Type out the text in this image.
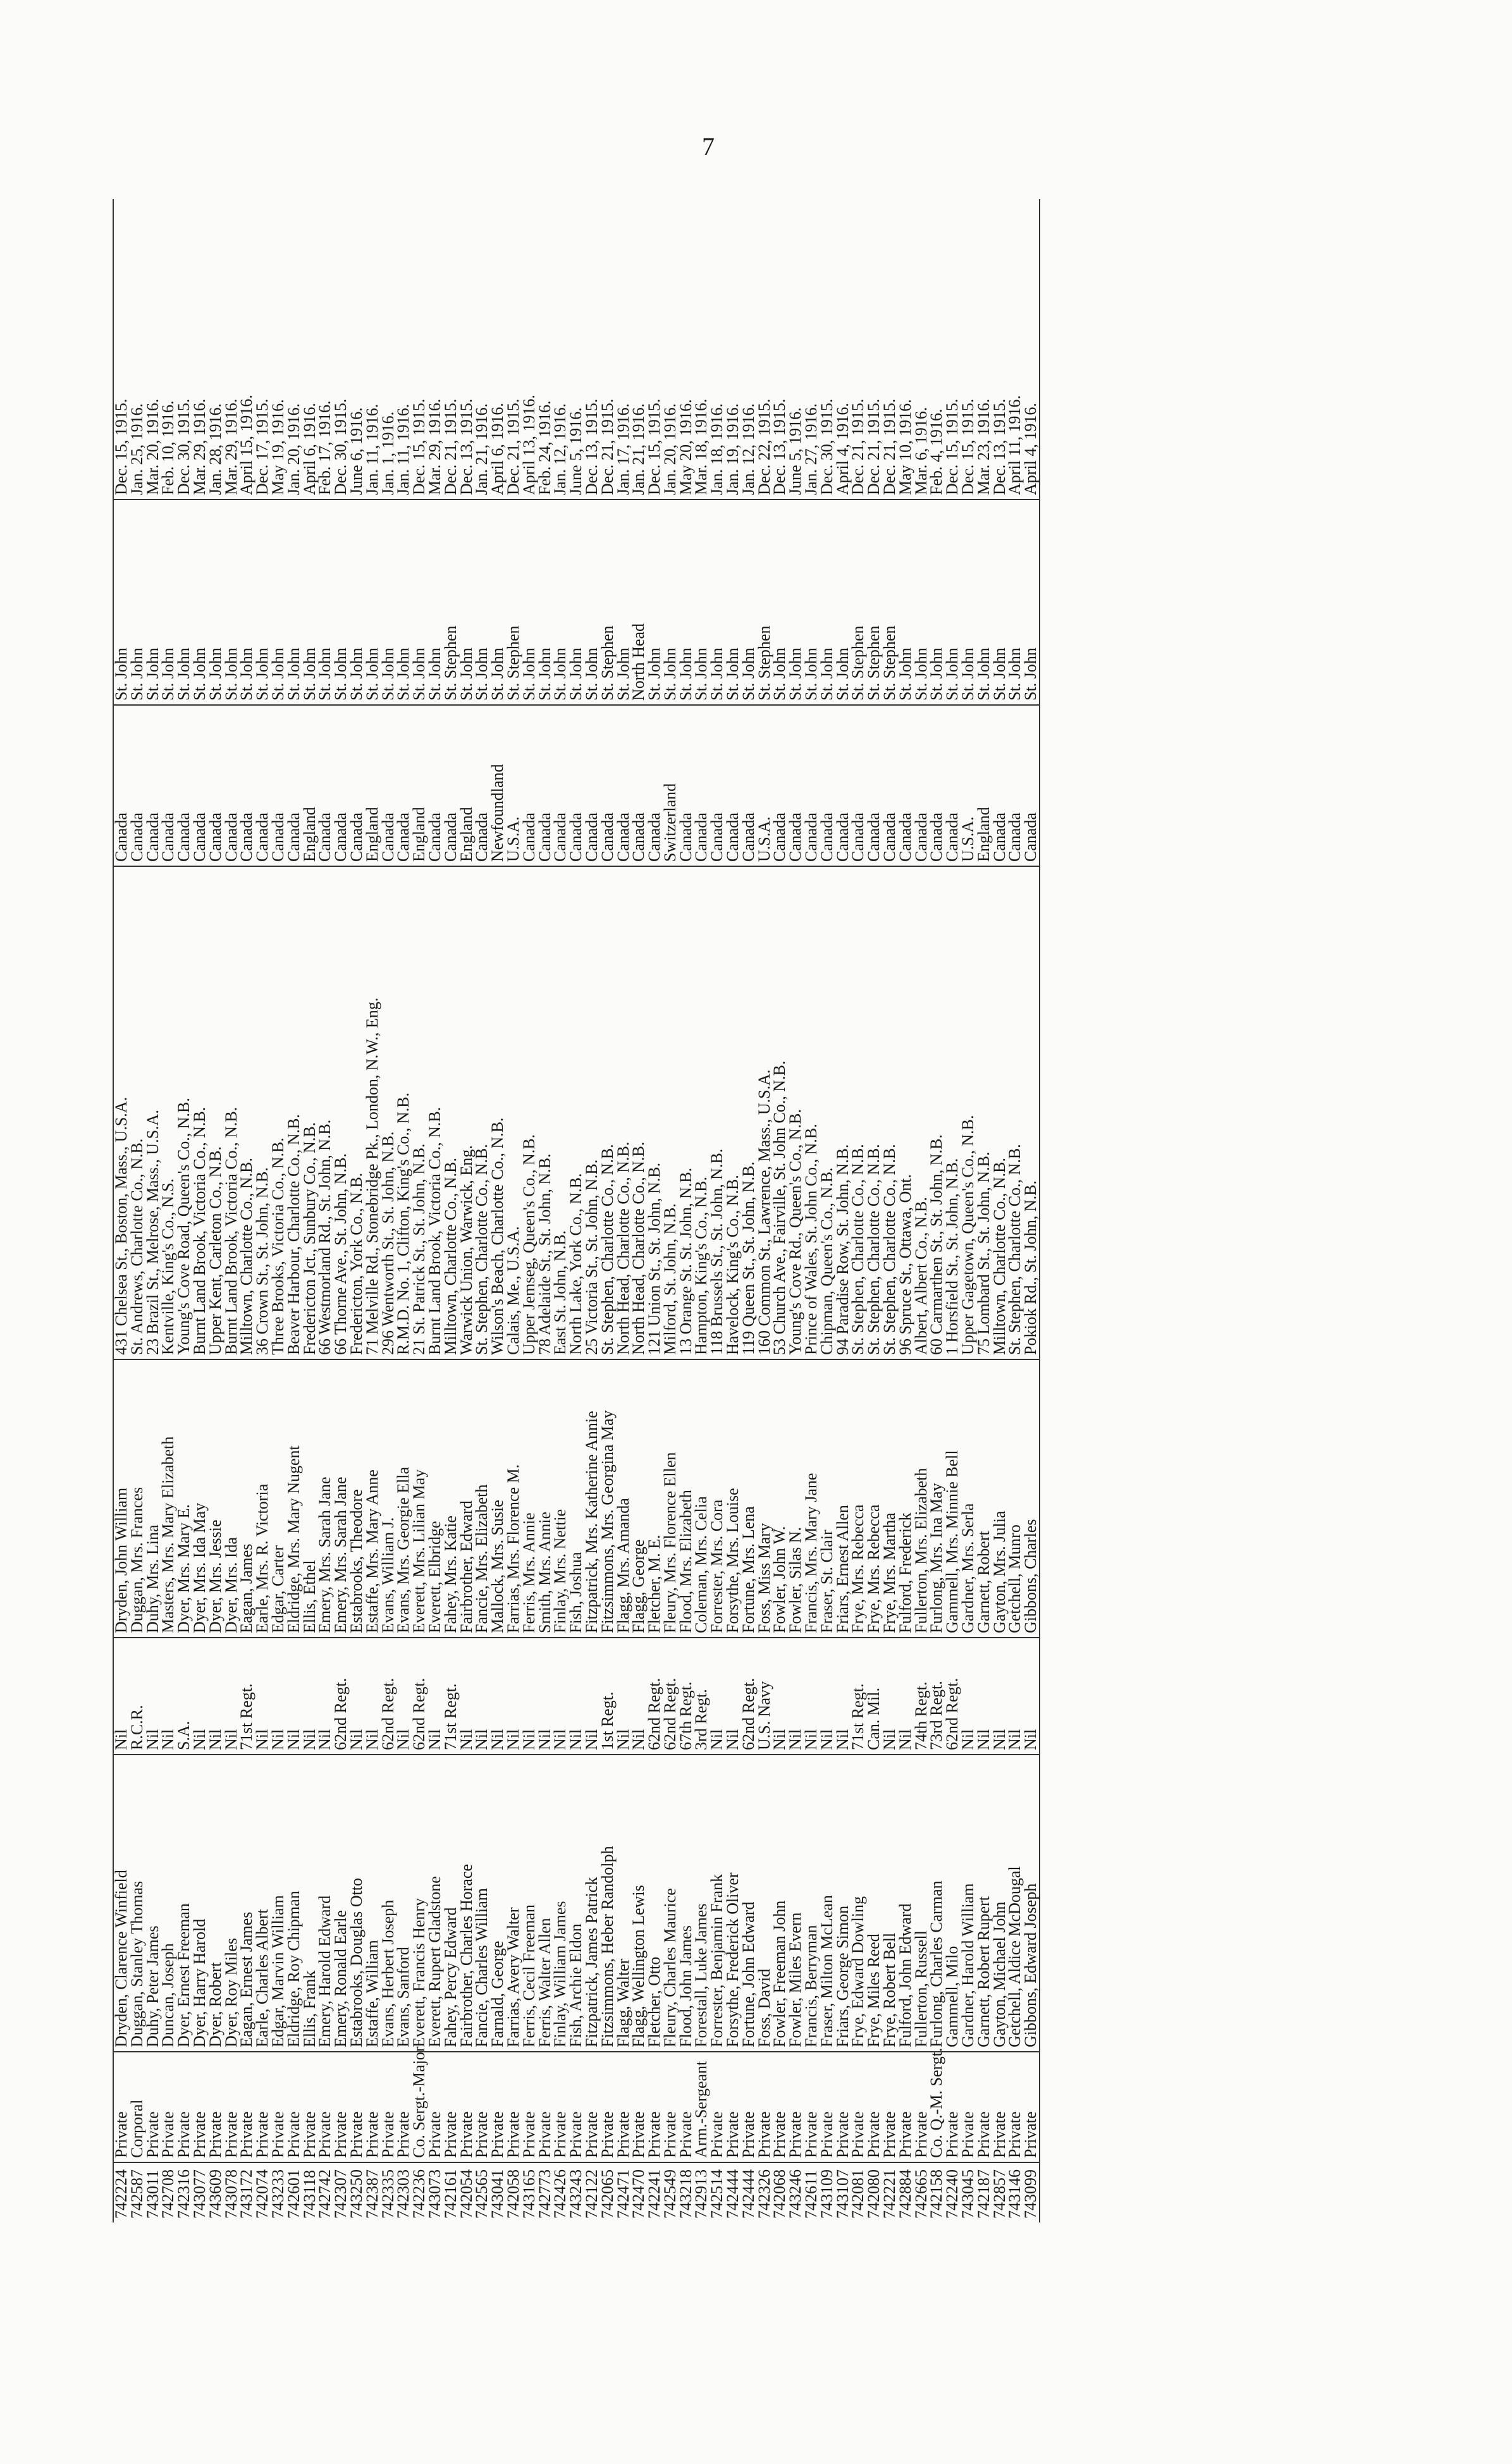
7
742224	Private	Dryden, Clarence Winfield	Nil	Dryden, John William	431 Chelsea St., Boston, Mass., U.S.A.	Canada	St. John	Dec. 15, 1915.
742587	Corporal	Duggan, Stanley Thomas	R.C.R.	Duggan, Mrs. Frances	St. Andrews, Charlotte Co., N.B.	Canada	St. John	Jan. 25, 1916.
743011	Private	Duhy, Peter James	Nil	Duhy, Mrs. Lina	23 Brazil St., Melrose, Mass., U.S.A.	Canada	St. John	Mar. 20, 1916.
742708	Private	Duncan, Joseph	Nil	Masters, Mrs. Mary Elizabeth	Kentville, King's Co., N.S.	Canada	St. John	Feb. 10, 1916.
742316	Private	Dyer, Ernest Freeman	S.A.	Dyer, Mrs. Mary E.	Young's Cove Road, Queen's Co., N.B.	Canada	St. John	Dec. 30, 1915.
743077	Private	Dyer, Harry Harold	Nil	Dyer, Mrs. Ida May	Burnt Land Brook, Victoria Co., N.B.	Canada	St. John	Mar. 29, 1916.
743609	Private	Dyer, Robert	Nil	Dyer, Mrs. Jessie	Upper Kent, Carleton Co., N.B.	Canada	St. John	Jan. 28, 1916.
743078	Private	Dyer, Roy Miles	Nil	Dyer, Mrs. Ida	Burnt Land Brook, Victoria Co., N.B.	Canada	St. John	Mar. 29, 1916.
743172	Private	Eagan, Ernest James	71st Regt.	Eagan, James	Milltown, Charlotte Co., N.B.	Canada	St. John	April 15, 1916.
742074	Private	Earle, Charles Albert	Nil	Earle, Mrs. R. Victoria	36 Crown St., St. John, N.B.	Canada	St. John	Dec. 17, 1915.
743233	Private	Edgar, Marvin William	Nil	Edgar, Carter	Three Brooks, Victoria Co., N.B.	Canada	St. John	May 19, 1916.
742601	Private	Eldridge, Roy Chipman	Nil	Eldridge, Mrs. Mary Nugent	Beaver Harbour, Charlotte Co., N.B.	Canada	St. John	Jan. 20, 1916.
743118	Private	Ellis, Frank	Nil	Ellis, Ethel	Fredericton Jct., Sunbury Co., N.B.	England	St. John	April 6, 1916.
742742	Private	Emery, Harold Edward	Nil	Emery, Mrs. Sarah Jane	66 Westmorland Rd., St. John, N.B.	Canada	St. John	Feb. 17, 1916.
742307	Private	Emery, Ronald Earle	62nd Regt.	Emery, Mrs. Sarah Jane	66 Thorne Ave., St. John, N.B.	Canada	St. John	Dec. 30, 1915.
743250	Private	Estabrooks, Douglas Otto	Nil	Estabrooks, Theodore	Fredericton, York Co., N.B.	Canada	St. John	June 6, 1916.
742387	Private	Estaffe, William	Nil	Estaffe, Mrs. Mary Anne	71 Melville Rd., Stonebridge Pk., London, N.W., Eng.	England	St. John	Jan. 11, 1916.
742335	Private	Evans, Herbert Joseph	62nd Regt.	Evans, William J.	296 Wentworth St., St. John, N.B.	Canada	St. John	Jan. 1, 1916.
742303	Private	Evans, Sanford	Nil	Evans, Mrs. Georgie Ella	R.M.D. No. 1, Clifton, King's Co., N.B.	Canada	St. John	Jan. 11, 1916.
742236	Co. Sergt.-Major	Everett, Francis Henry	62nd Regt.	Everett, Mrs. Lilian May	21 St. Patrick St., St. John, N.B.	England	St. John	Dec. 15, 1915.
743073	Private	Everett, Rupert Gladstone	Nil	Everett, Elbridge	Burnt Land Brook, Victoria Co., N.B.	Canada	St. John	Mar. 29, 1916.
742161	Private	Fahey, Percy Edward	71st Regt.	Fahey, Mrs. Katie	Milltown, Charlotte Co., N.B.	Canada	St. Stephen	Dec. 21, 1915.
742054	Private	Fairbrother, Charles Horace	Nil	Fairbrother, Edward	Warwick Union, Warwick, Eng.	England	St. John	Dec. 13, 1915.
742565	Private	Fancie, Charles William	Nil	Fancie, Mrs. Elizabeth	St. Stephen, Charlotte Co., N.B.	Canada	St. John	Jan. 21, 1916.
743041	Private	Farnald, George	Nil	Mallock, Mrs. Susie	Wilson's Beach, Charlotte Co., N.B.	Newfoundland	St. John	April 6, 1916.
742058	Private	Farrias, Avery Walter	Nil	Farrias, Mrs. Florence M.	Calais, Me., U.S.A.	U.S.A.	St. Stephen	Dec. 21, 1915.
743165	Private	Ferris, Cecil Freeman	Nil	Ferris, Mrs. Annie	Upper Jemseg, Queen's Co., N.B.	Canada	St. John	April 13, 1916.
742773	Private	Ferris, Walter Allen	Nil	Smith, Mrs. Annie	78 Adelaide St., St. John, N.B.	Canada	St. John	Feb. 24, 1916.
742426	Private	Finlay, William James	Nil	Finlay, Mrs. Nettie	East St. John, N.B.	Canada	St. John	Jan. 12, 1916.
743243	Private	Fish, Archie Eldon	Nil	Fish, Joshua	North Lake, York Co., N.B.	Canada	St. John	June 5, 1916.
742122	Private	Fitzpatrick, James Patrick	Nil	Fitzpatrick, Mrs. Katherine Annie	25 Victoria St., St. John, N.B.	Canada	St. John	Dec. 13, 1915.
742065	Private	Fitzsimmons, Heber Randolph	1st Regt.	Fitzsimmons, Mrs. Georgina May	St. Stephen, Charlotte Co., N.B.	Canada	St. Stephen	Dec. 21, 1915.
742471	Private	Flagg, Walter	Nil	Flagg, Mrs. Amanda	North Head, Charlotte Co., N.B.	Canada	St. John	Jan. 17, 1916.
742470	Private	Flagg, Wellington Lewis	Nil	Flagg, George	North Head, Charlotte Co., N.B.	Canada	North Head	Jan. 21, 1916.
742241	Private	Fletcher, Otto	62nd Regt.	Fletcher, M. E.	121 Union St., St. John, N.B.	Canada	St. John	Dec. 15, 1915.
742549	Private	Fleury, Charles Maurice	62nd Regt.	Fleury, Mrs. Florence Ellen	Milford, St. John, N.B.	Switzerland	St. John	Jan. 20, 1916.
743218	Private	Flood, John James	67th Regt.	Flood, Mrs. Elizabeth	13 Orange St. St. John, N.B.	Canada	St. John	May 20, 1916.
742913	Arm.-Sergeant	Forestall, Luke James	3rd Regt.	Coleman, Mrs. Celia	Hampton, King's Co., N.B.	Canada	St. John	Mar. 18, 1916.
742514	Private	Forrester, Benjamin Frank	Nil	Forrester, Mrs. Cora	118 Brussels St., St. John, N.B.	Canada	St. John	Jan. 18, 1916.
742444	Private	Forsythe, Frederick Oliver	Nil	Forsythe, Mrs. Louise	Havelock, King's Co., N.B.	Canada	St. John	Jan. 19, 1916.
742444	Private	Fortune, John Edward	62nd Regt.	Fortune, Mrs. Lena	119 Queen St., St. John, N.B.	Canada	St. John	Jan. 12, 1916.
742326	Private	Foss, David	U.S. Navy	Foss, Miss Mary	160 Common St., Lawrence, Mass., U.S.A.	U.S.A.	St. Stephen	Dec. 22, 1915.
742068	Private	Fowler, Freeman John	Nil	Fowler, John W.	53 Church Ave., Fairville, St. John Co., N.B.	Canada	St. John	Dec. 13, 1915.
743246	Private	Fowler, Miles Evern	Nil	Fowler, Silas N.	Young's Cove Rd., Queen's Co., N.B.	Canada	St. John	June 5, 1916.
742611	Private	Francis, Berryman	Nil	Francis, Mrs. Mary Jane	Prince of Wales, St. John Co., N.B.	Canada	St. John	Jan. 27, 1916.
743109	Private	Fraser, Milton McLean	Nil	Fraser, St. Clair	Chipman, Queen's Co., N.B.	Canada	St. John	Dec. 30, 1915.
743107	Private	Friars, George Simon	Nil	Friars, Ernest Allen	94 Paradise Row, St. John, N.B.	Canada	St. John	April 4, 1916.
742081	Private	Frye, Edward Dowling	71st Regt.	Frye, Mrs. Rebecca	St. Stephen, Charlotte Co., N.B.	Canada	St. Stephen	Dec. 21, 1915.
742080	Private	Frye, Miles Reed	Can. Mil.	Frye, Mrs. Rebecca	St. Stephen, Charlotte Co., N.B.	Canada	St. Stephen	Dec. 21, 1915.
742221	Private	Frye, Robert Bell	Nil	Frye, Mrs. Martha	St. Stephen, Charlotte Co., N.B.	Canada	St. Stephen	Dec. 21, 1915.
742884	Private	Fulford, John Edward	Nil	Fulford, Frederick	96 Spruce St., Ottawa, Ont.	Canada	St. John	May 10, 1916.
742665	Private	Fullerton, Russell	74th Regt.	Fullerton, Mrs. Elizabeth	Albert, Albert Co., N.B.	Canada	St. John	Mar. 6, 1916.
742158	Co. Q.-M. Sergt.	Furlong, Charles Carman	73rd Regt.	Furlong, Mrs. Ina May	60 Carmarthen St., St. John, N.B.	Canada	St. John	Feb. 4, 1916.
742240	Private	Gammell, Milo	62nd Regt.	Gammell, Mrs. Minnie Bell	1 Horsfield St., St. John, N.B.	Canada	St. John	Dec. 15, 1915.
743045	Private	Gardner, Harold William	Nil	Gardner, Mrs. Serla	Upper Gagetown, Queen's Co., N.B.	U.S.A.	St. John	Dec. 15, 1915.
742187	Private	Garnett, Robert Rupert	Nil	Garnett, Robert	75 Lombard St., St. John, N.B.	England	St. John	Mar. 23, 1916.
742857	Private	Gayton, Michael John	Nil	Gayton, Mrs. Julia	Milltown, Charlotte Co., N.B.	Canada	St. John	Dec. 13, 1915.
743146	Private	Getchell, Aldice McDougal	Nil	Getchell, Munro	St. Stephen, Charlotte Co., N.B.	Canada	St. John	April 11, 1916.
743099	Private	Gibbons, Edward Joseph	Nil	Gibbons, Charles	Pokiok Rd., St. John, N.B.	Canada	St. John	April 4, 1916.
